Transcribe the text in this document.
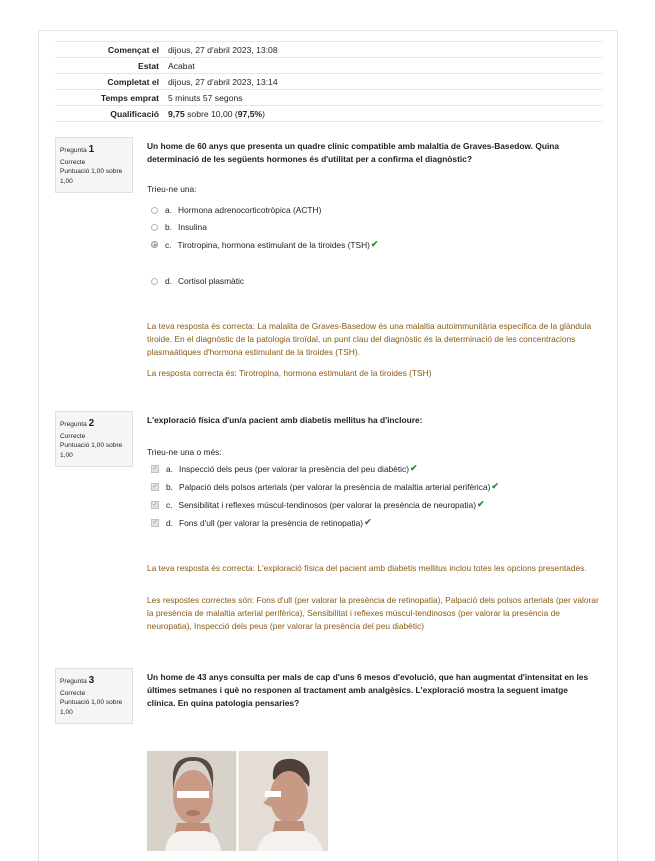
Començat el	dijous, 27 d'abril 2023, 13:08
Estat	Acabat
Completat el	dijous, 27 d'abril 2023, 13:14
Temps emprat	5 minuts 57 segons
Qualificació	9,75 sobre 10,00 (97,5%)
Pregunta 1
Correcte
Puntuació 1,00 sobre 1,00
Un home de 60 anys que presenta un quadre clínic compatible amb malaltia de Graves-Basedow. Quina determinació de les següents hormones és d'utilitat per a confirma el diagnòstic?
Trieu-ne una:
a. Hormona adrenocorticotròpica (ACTH)
b. Insulina
c. Tirotropina, hormona estimulant de la tiroides (TSH) ✔
d. Cortisol plasmàtic
La teva resposta és correcta: La malalita de Graves-Basedow és una malaltia autoimmunitària específica de la glàndula tiroide. En el diagnòstic de la patologia tiroïdal, un punt clau del diagnòstic és la determinació de les concentracions plasmaàtiques d'hormona estimulant de la tiroides (TSH).
La resposta correcta és: Tirotropina, hormona estimulant de la tiroides (TSH)
Pregunta 2
Correcte
Puntuació 1,00 sobre 1,00
L'exploració física d'un/a pacient amb diabetis mellitus ha d'incloure:
Trieu-ne una o més:
✓ a. Inspecció dels peus (per valorar la presència del peu diabètic) ✔
✓ b. Palpació dels polsos arterials (per valorar la presència de malaltia arterial perifèrica) ✔
✓ c. Sensibilitat i reflexes múscul-tendinosos (per valorar la presència de neuropatia) ✔
✓ d. Fons d'ull (per valorar la presència de retinopatia) ✔
La teva resposta és correcta: L'exploració física del pacient amb diabetis mellitus inclou totes les opcions presentades.
Les respostes correctes són: Fons d'ull (per valorar la presència de retinopatia), Palpació dels polsos arterials (per valorar la presència de malaltia arterial perifèrica), Sensibilitat i reflexes múscul-tendinosos (per valorar la presència de neuropatia), Inspecció dels peus (per valorar la presència del peu diabètic)
Pregunta 3
Correcte
Puntuació 1,00 sobre 1,00
Un home de 43 anys consulta per mals de cap d'uns 6 mesos d'evolució, que han augmentat d'intensitat en les últimes setmanes i què no responen al tractament amb analgèsics. L'exploració mostra la seguent imatge clínica. En quina patologia pensaries?
